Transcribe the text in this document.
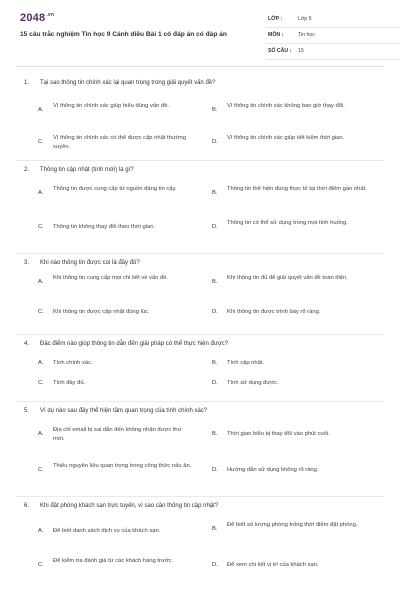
$2048^{.vn}$
15 câu trắc nghiệm Tin học 9 Cánh diều Bài 1 có đáp án có đáp án
LỚP :	Lớp 9
MÔN :	Tin học
SỐ CÂU : 15
1. Tại sao thông tin chính xác lại quan trọng trong giải quyết vấn đề?
A.
Vì thông tin chính xác giúp hiểu đúng vấn đề.
B.
Vì thông tin chính xác không bao giờ thay đổi.
C.
Vì thông tin chính xác có thể được cập nhật thường xuyên.
D.
Vì thông tin chính xác giúp tiết kiệm thời gian.
2. Thông tin cập nhật (tính mới) là gì?
A.
Thông tin được cung cấp từ nguồn đáng tin cậy.
B.
Thông tin thể hiện đúng thực tế tại thời điểm gần nhất.
C. Thông tin không thay đổi theo thời gian.	D.
Thông tin có thể sử dụng trong mọi tình huống.
3. Khi nào thông tin được coi là đầy đủ?
A.
Khi thông tin cung cấp mọi chi tiết về vấn đề.
B.
Khi thông tin đủ để giải quyết vấn đề toàn diện.
C. Khi thông tin được cập nhật đúng lúc.	D. Khi thông tin được trình bày rõ ràng.
4. Đặc điểm nào giúp thông tin dẫn đến giải pháp có thể thực hiện được?
A. Tính chính xác.	B. Tính cập nhật.
C. Tính đầy đủ.	D. Tính sử dụng được.
5. Ví dụ nào sau đây thể hiện tầm quan trọng của tính chính xác?
A.
Địa chỉ email bị sai dẫn đến không nhận được thư mời.
B. Thời gian biểu bị thay đổi vào phút cuối.
C.
Thiếu nguyên liệu quan trọng trong công thức nấu ăn.
D. Hướng dẫn sử dụng không rõ ràng.
6. Khi đặt phòng khách sạn trực tuyến, vì sao cần thông tin cập nhật?
A. Để biết danh sách dịch vụ của khách sạn.	B.
Để biết số lượng phòng trống thời điểm đặt phòng.
C.
Để kiểm tra đánh giá từ các khách hàng trước.
D. Để xem chi tiết vị trí của khách sạn.
